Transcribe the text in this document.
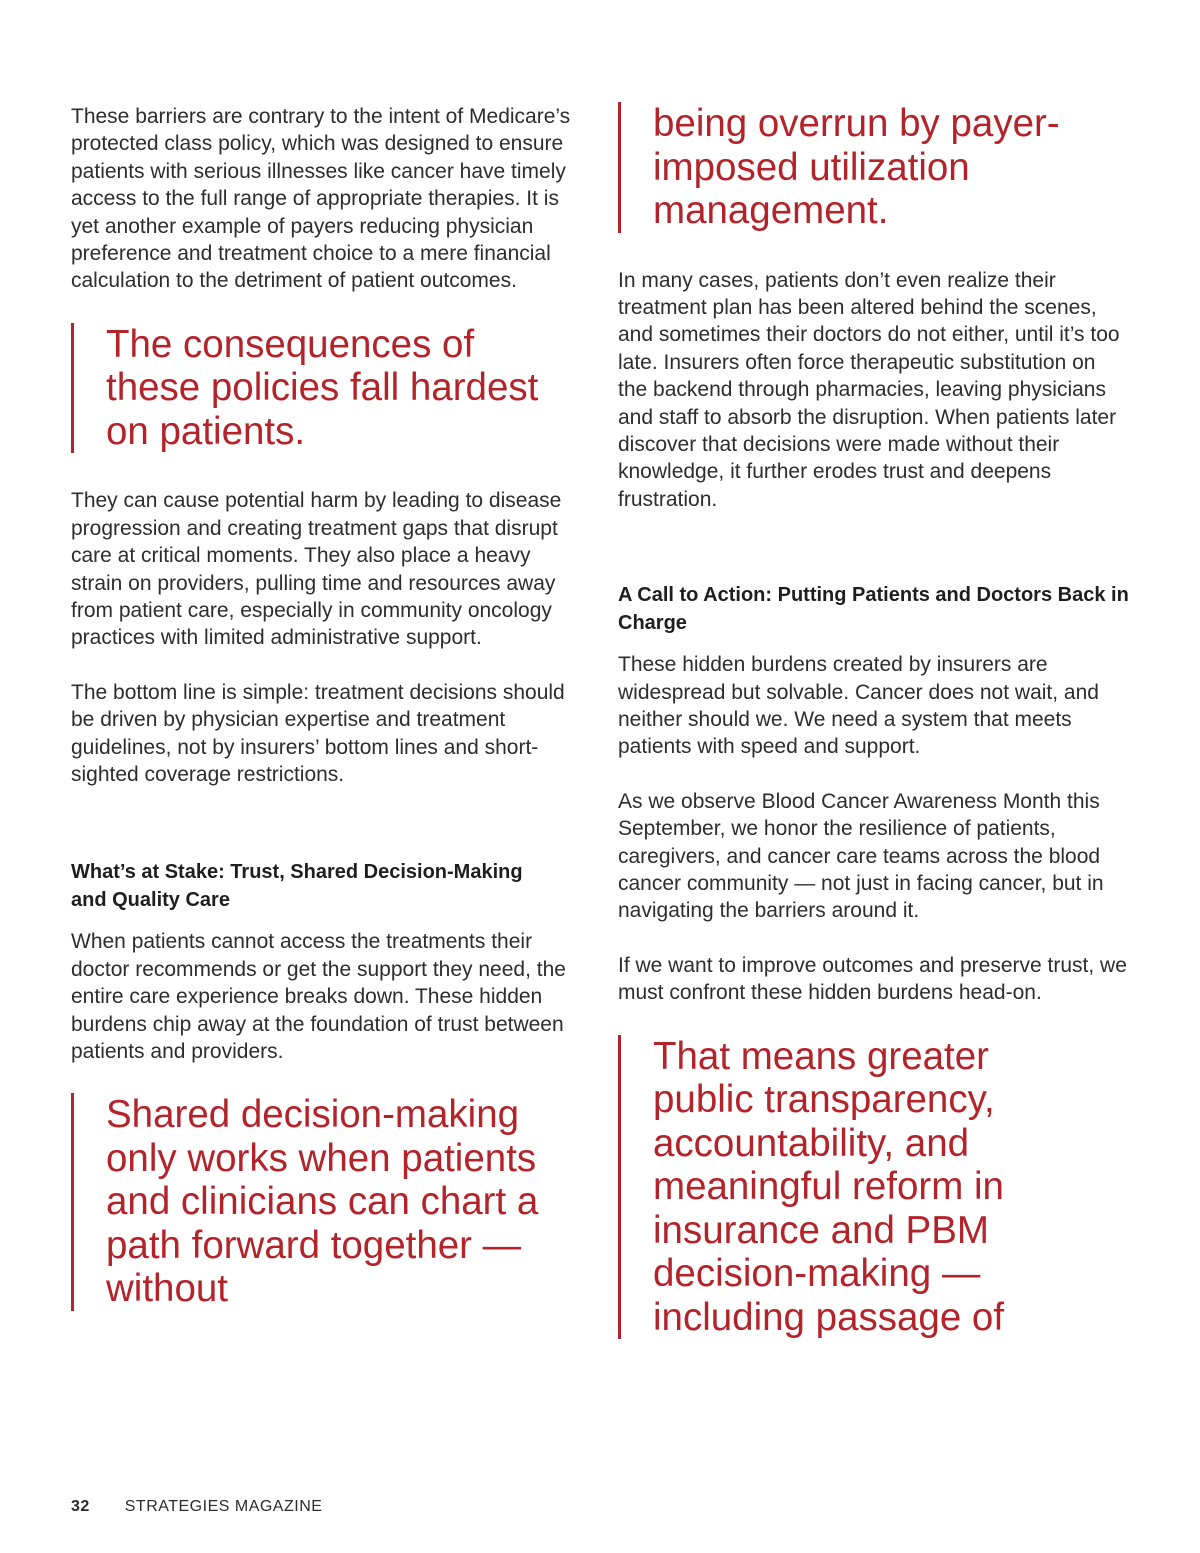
These barriers are contrary to the intent of Medicare’s protected class policy, which was designed to ensure patients with serious illnesses like cancer have timely access to the full range of appropriate therapies. It is yet another example of payers reducing physician preference and treatment choice to a mere financial calculation to the detriment of patient outcomes.

The consequences of these policies fall hardest on patients.

They can cause potential harm by leading to disease progression and creating treatment gaps that disrupt care at critical moments. They also place a heavy strain on providers, pulling time and resources away from patient care, especially in community oncology practices with limited administrative support.

The bottom line is simple: treatment decisions should be driven by physician expertise and treatment guidelines, not by insurers’ bottom lines and short-sighted coverage restrictions.

What’s at Stake: Trust, Shared Decision-Making and Quality Care

When patients cannot access the treatments their doctor recommends or get the support they need, the entire care experience breaks down. These hidden burdens chip away at the foundation of trust between patients and providers.

Shared decision-making only works when patients and clinicians can chart a path forward together — without
being overrun by payer-imposed utilization management.

In many cases, patients don’t even realize their treatment plan has been altered behind the scenes, and sometimes their doctors do not either, until it’s too late. Insurers often force therapeutic substitution on the backend through pharmacies, leaving physicians and staff to absorb the disruption. When patients later discover that decisions were made without their knowledge, it further erodes trust and deepens frustration.

A Call to Action: Putting Patients and Doctors Back in Charge

These hidden burdens created by insurers are widespread but solvable. Cancer does not wait, and neither should we. We need a system that meets patients with speed and support.

As we observe Blood Cancer Awareness Month this September, we honor the resilience of patients, caregivers, and cancer care teams across the blood cancer community — not just in facing cancer, but in navigating the barriers around it.

If we want to improve outcomes and preserve trust, we must confront these hidden burdens head-on.

That means greater public transparency, accountability, and meaningful reform in insurance and PBM decision-making — including passage of
32 STRATEGIES MAGAZINE
